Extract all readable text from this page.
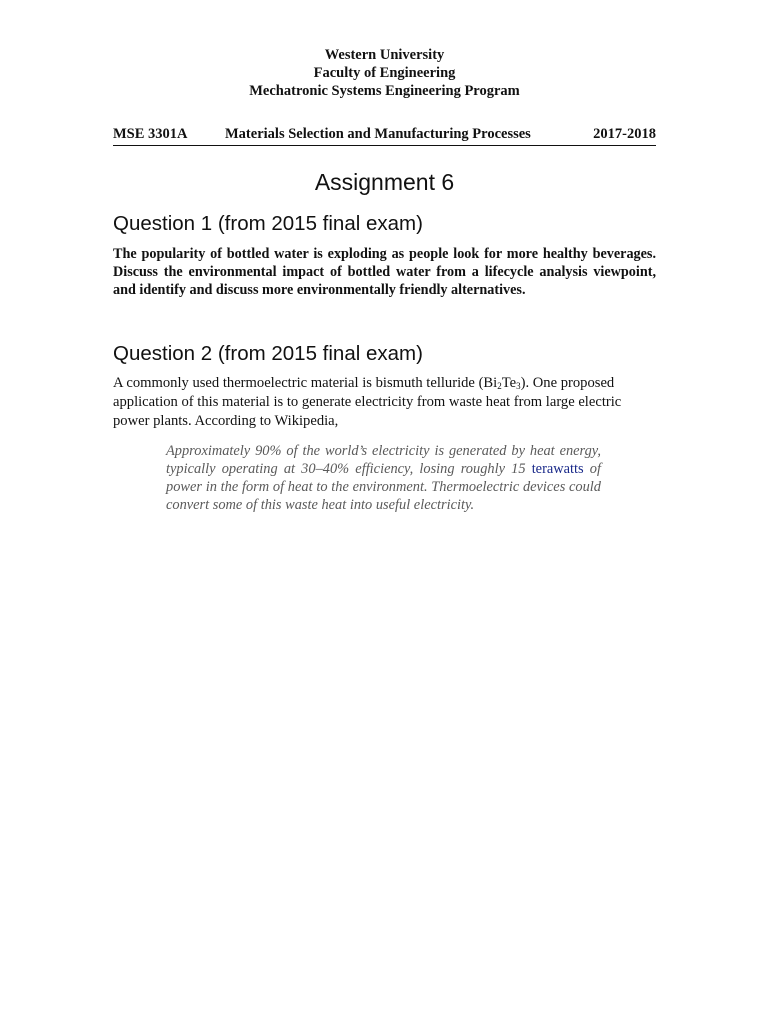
Western University
Faculty of Engineering
Mechatronic Systems Engineering Program
MSE 3301A	Materials Selection and Manufacturing Processes	2017-2018
Assignment 6
Question 1 (from 2015 final exam)
The popularity of bottled water is exploding as people look for more healthy beverages. Discuss the environmental impact of bottled water from a lifecycle analysis viewpoint, and identify and discuss more environmentally friendly alternatives.
Question 2 (from 2015 final exam)
A commonly used thermoelectric material is bismuth telluride $(Bi_2Te_3)$. One proposed application of this material is to generate electricity from waste heat from large electric power plants. According to Wikipedia,
Approximately 90% of the world’s electricity is generated by heat energy, typically operating at 30–40% efficiency, losing roughly 15 terawatts of power in the form of heat to the environment. Thermoelectric devices could convert some of this waste heat into useful electricity.
